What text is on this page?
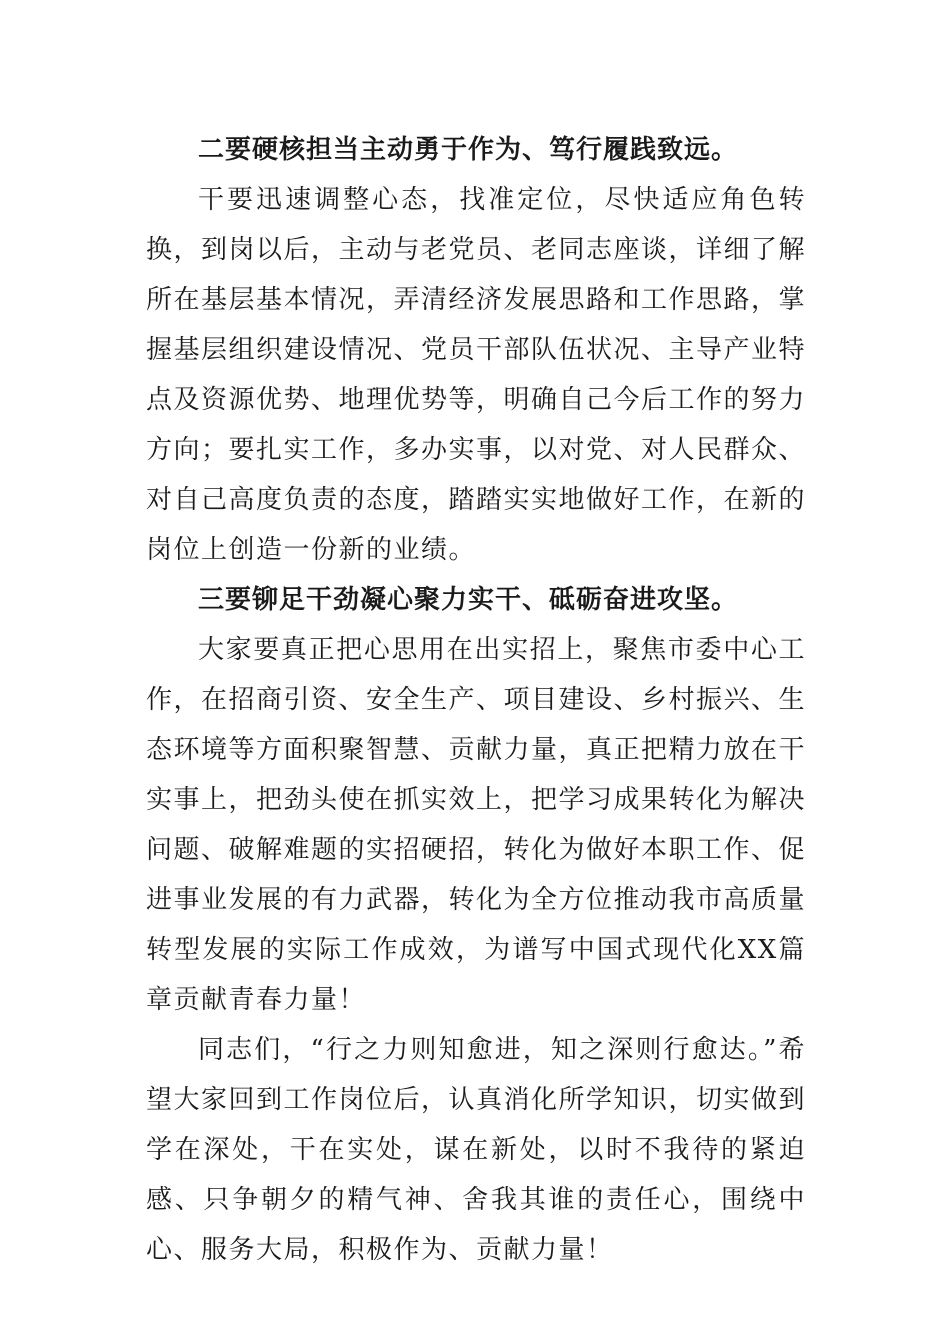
二要硬核担当主动勇于作为、笃行履践致远。

干要迅速调整心态，找准定位，尽快适应角色转换，到岗以后，主动与老党员、老同志座谈，详细了解所在基层基本情况，弄清经济发展思路和工作思路，掌握基层组织建设情况、党员干部队伍状况、主导产业特点及资源优势、地理优势等，明确自己今后工作的努力方向；要扎实工作，多办实事，以对党、对人民群众、对自己高度负责的态度，踏踏实实地做好工作，在新的岗位上创造一份新的业绩。

三要铆足干劲凝心聚力实干、砥砺奋进攻坚。

大家要真正把心思用在出实招上，聚焦市委中心工作，在招商引资、安全生产、项目建设、乡村振兴、生态环境等方面积聚智慧、贡献力量，真正把精力放在干实事上，把劲头使在抓实效上，把学习成果转化为解决问题、破解难题的实招硬招，转化为做好本职工作、促进事业发展的有力武器，转化为全方位推动我市高质量转型发展的实际工作成效，为谱写中国式现代化XX篇章贡献青春力量！

同志们，“行之力则知愈进，知之深则行愈达。”希望大家回到工作岗位后，认真消化所学知识，切实做到学在深处，干在实处，谋在新处，以时不我待的紧迫感、只争朝夕的精气神、舍我其谁的责任心，围绕中心、服务大局，积极作为、贡献力量！
